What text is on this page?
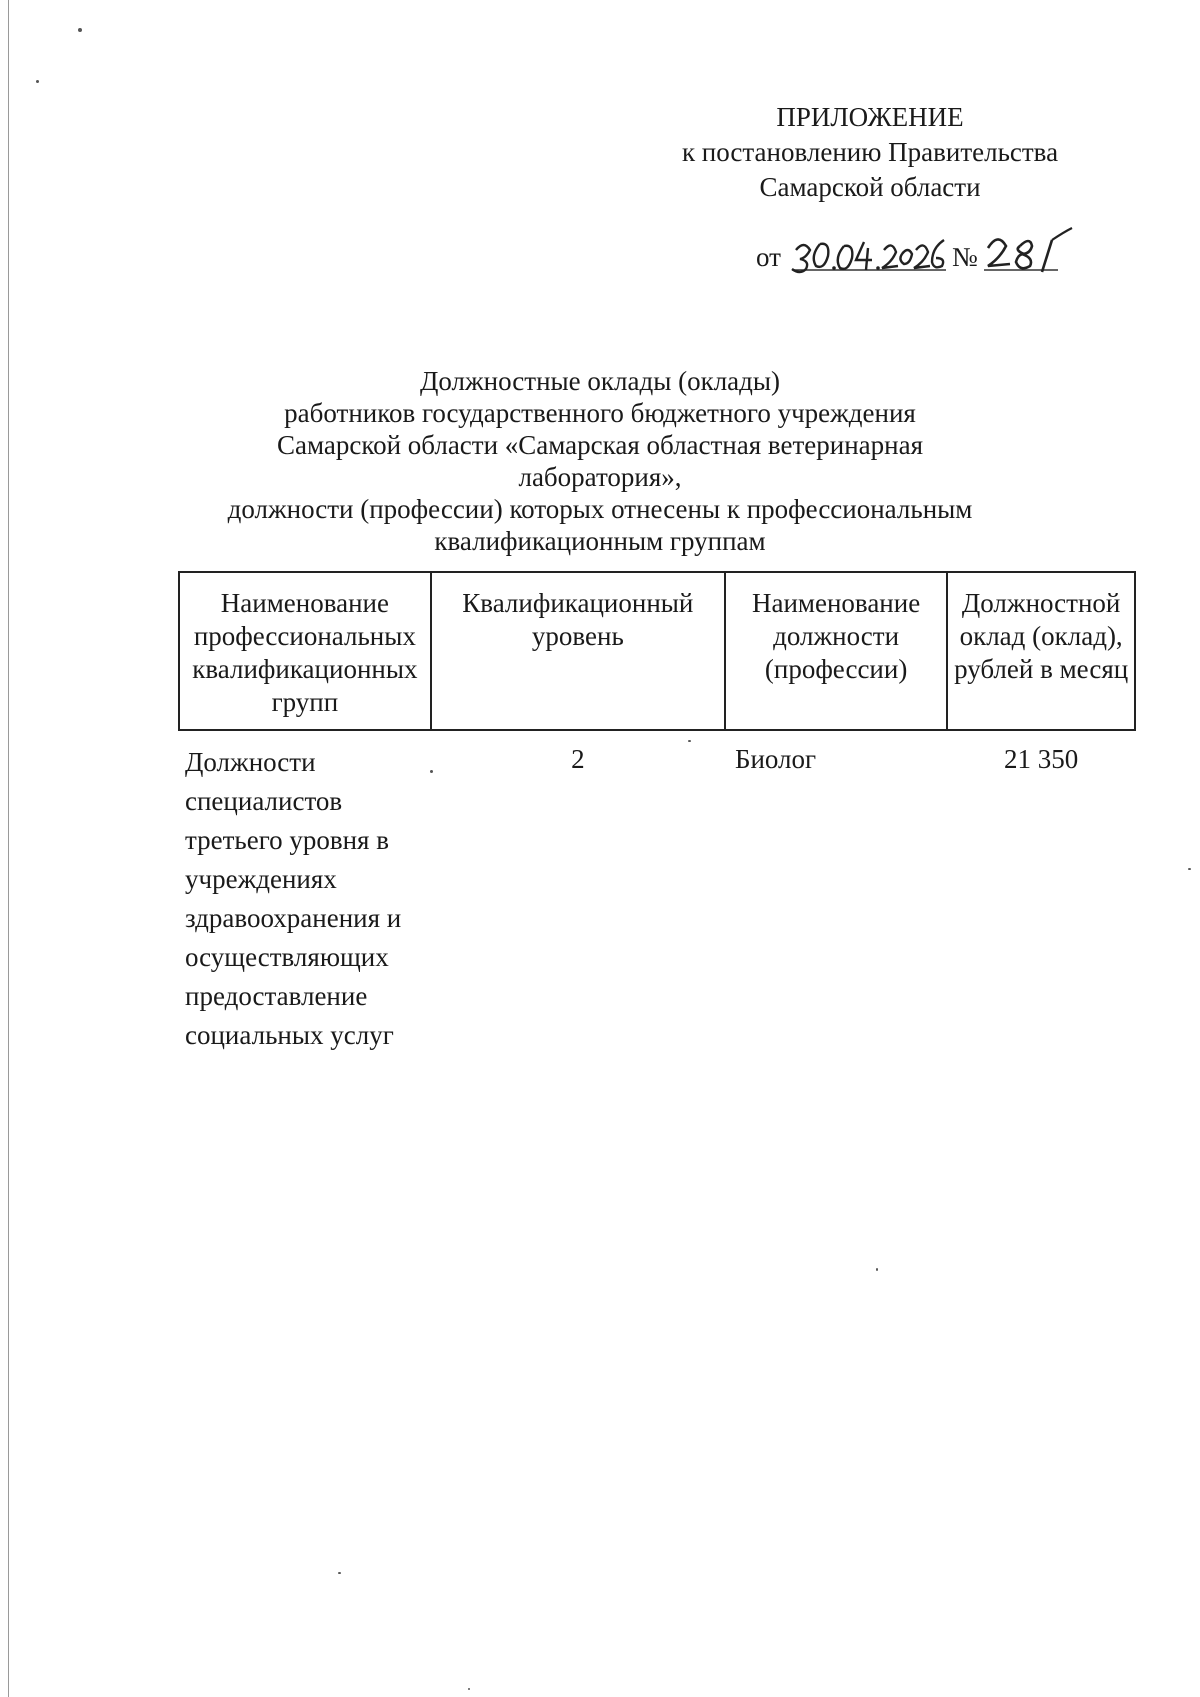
ПРИЛОЖЕНИЕ
к постановлению Правительства
Самарской области
от	№
Должностные оклады (оклады)
работников государственного бюджетного учреждения
Самарской области «Самарская областная ветеринарная лаборатория»,
должности (профессии) которых отнесены к профессиональным
квалификационным группам
Наименование профессиональных квалификационных групп	Квалификационный уровень	Наименование должности (профессии)	Должностной оклад (оклад), рублей в месяц
Должности специалистов третьего уровня в учреждениях здравоохранения и осуществляющих предоставление социальных услуг	2	Биолог	21 350
